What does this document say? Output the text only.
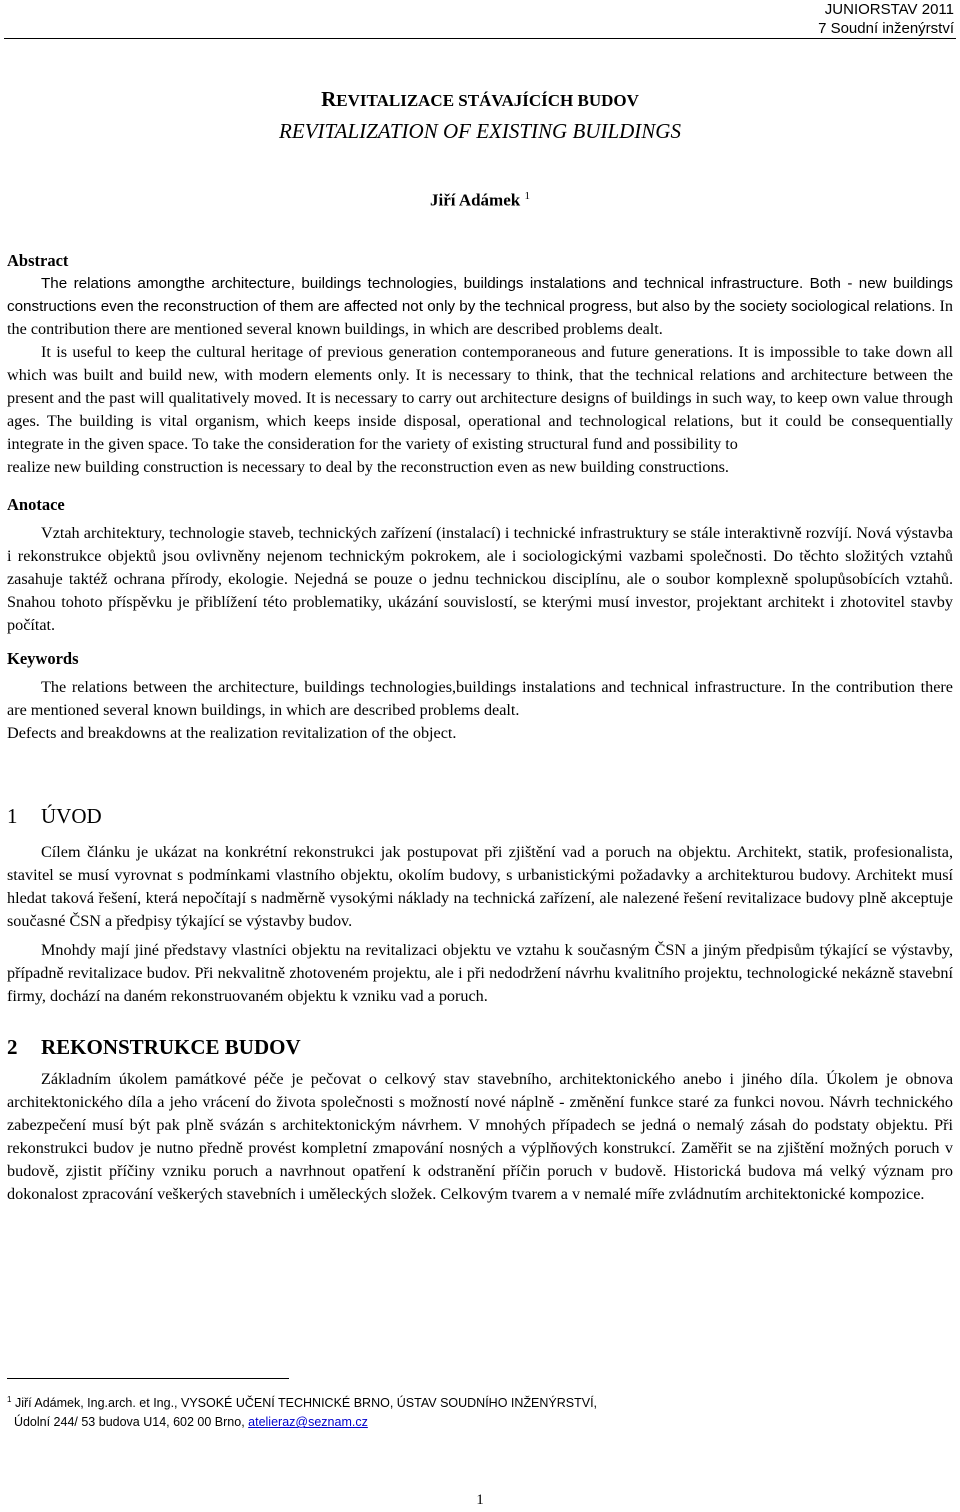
JUNIORSTAV 2011
7 Soudní inženýrství
REVITALIZACE STÁVAJÍCÍCH BUDOV
REVITALIZATION OF EXISTING BUILDINGS
Jiří Adámek $^1$
Abstract

The relations amongthe architecture, buildings technologies, buildings instalations and technical infrastructure. Both - new buildings constructions even the reconstruction of them are affected not only by the technical progress, but also by the society sociological relations. In the contribution there are mentioned several known buildings, in which are described problems dealt.

It is useful to keep the cultural heritage of previous generation contemporaneous and future generations. It is impossible to take down all which was built and build new, with modern elements only. It is necessary to think, that the technical relations and architecture between the present and the past will qualitatively moved. It is necessary to carry out architecture designs of buildings in such way, to keep own value through ages. The building is vital organism, which keeps inside disposal, operational and technological relations, but it could be consequentially integrate in the given space. To take the consideration for the variety of existing structural fund and possibility to

realize new building construction is necessary to deal by the reconstruction even as new building constructions.

Anotace

Vztah architektury, technologie staveb, technických zařízení (instalací) i technické infrastruktury se stále interaktivně rozvíjí. Nová výstavba i rekonstrukce objektů jsou ovlivněny nejenom technickým pokrokem, ale i sociologickými vazbami společnosti. Do těchto složitých vztahů zasahuje taktéž ochrana přírody, ekologie. Nejedná se pouze o jednu technickou disciplínu, ale o soubor komplexně spolupůsobících vztahů. Snahou tohoto příspěvku je přiblížení této problematiky, ukázání souvislostí, se kterými musí investor, projektant architekt i zhotovitel stavby počítat.

Keywords

The relations between the architecture, buildings technologies,buildings instalations and technical infrastructure. In the contribution there are mentioned several known buildings, in which are described problems dealt.

Defects and breakdowns at the realization revitalization of the object.

1 ÚVOD

Cílem článku je ukázat na konkrétní rekonstrukci jak postupovat při zjištění vad a poruch na objektu. Architekt, statik, profesionalista, stavitel se musí vyrovnat s podmínkami vlastního objektu, okolím budovy, s urbanistickými požadavky a architekturou budovy. Architekt musí hledat taková řešení, která nepočítají s nadměrně vysokými náklady na technická zařízení, ale nalezené řešení revitalizace budovy plně akceptuje současné ČSN a předpisy týkající se výstavby budov.

Mnohdy mají jiné představy vlastníci objektu na revitalizaci objektu ve vztahu k současným ČSN a jiným předpisům týkající se výstavby, případně revitalizace budov. Při nekvalitně zhotoveném projektu, ale i při nedodržení návrhu kvalitního projektu, technologické nekázně stavební firmy, dochází na daném rekonstruovaném objektu k vzniku vad a poruch.

2 REKONSTRUKCE BUDOV

Základním úkolem památkové péče je pečovat o celkový stav stavebního, architektonického anebo i jiného díla. Úkolem je obnova architektonického díla a jeho vrácení do života společnosti s možností nové náplně - změnění funkce staré za funkci novou. Návrh technického zabezpečení musí být pak plně svázán s architektonickým návrhem. V mnohých případech se jedná o nemalý zásah do podstaty objektu. Při rekonstrukci budov je nutno předně provést kompletní zmapování nosných a výplňových konstrukcí. Zaměřit se na zjištění možných poruch v budově, zjistit příčiny vzniku poruch a navrhnout opatření k odstranění příčin poruch v budově. Historická budova má velký význam pro dokonalost zpracování veškerých stavebních i uměleckých složek. Celkovým tvarem a v nemalé míře zvládnutím architektonické kompozice.

$^1$ Jiří Adámek, Ing.arch. et Ing., VYSOKÉ UČENÍ TECHNICKÉ BRNO, ÚSTAV SOUDNÍHO INŽENÝRSTVÍ,
Údolní 244/ 53 budova U14, 602 00 Brno, atelieraz@seznam.cz
1
